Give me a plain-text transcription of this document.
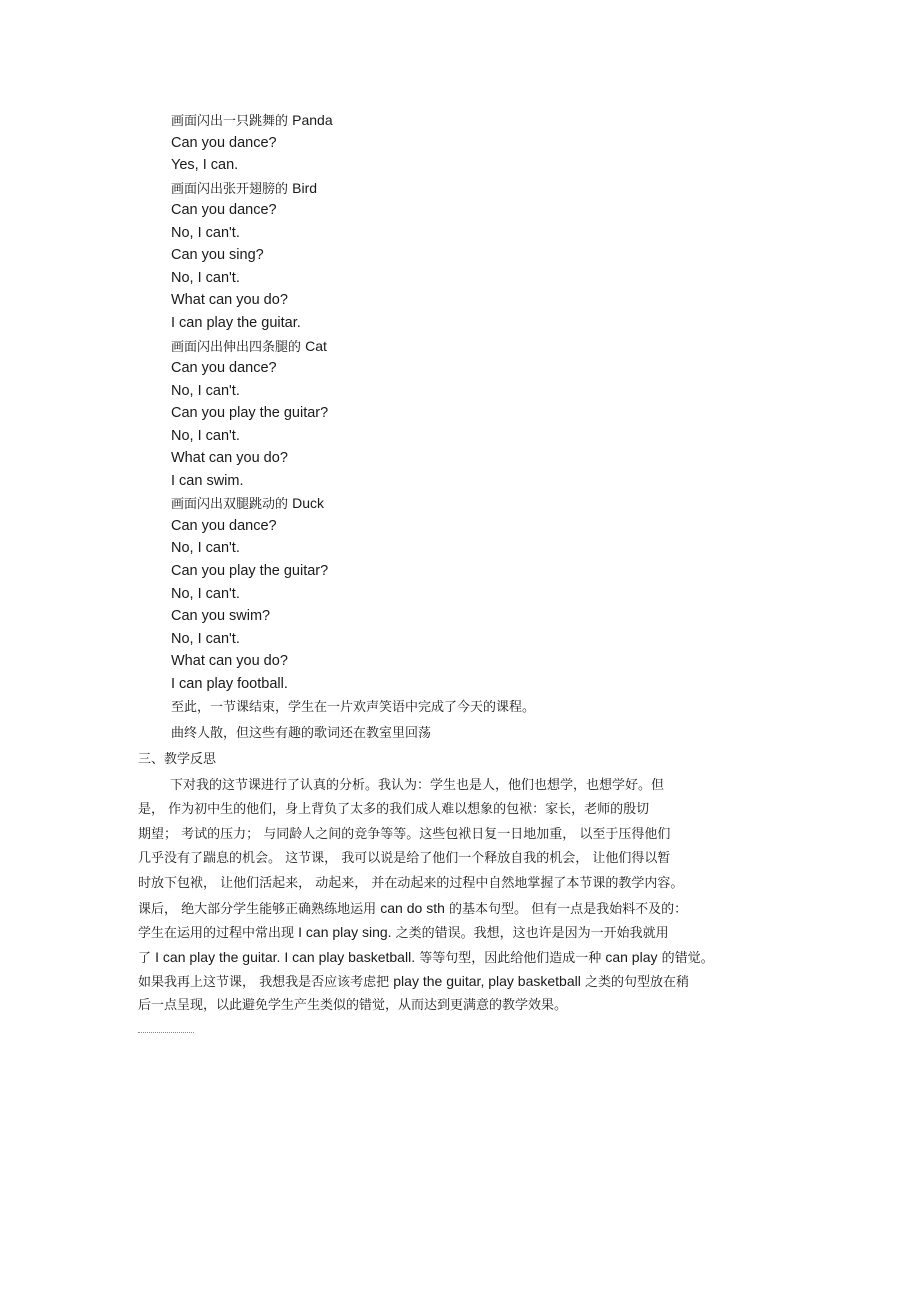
画面闪出一只跳舞的 Panda
Can you dance?
Yes, I can.
画面闪出张开翅膀的 Bird
Can you dance?
No, I can't.
Can you sing?
No, I can't.
What can you do?
I can play the guitar.
画面闪出伸出四条腿的 Cat
Can you dance?
No, I can't.
Can you play the guitar?
No, I can't.
What can you do?
I can swim.
画面闪出双腿跳动的 Duck
Can you dance?
No, I can't.
Can you play the guitar?
No, I can't.
Can you swim?
No, I can't.
What can you do?
I can play football.
至此，一节课结束，学生在一片欢声笑语中完成了今天的课程。
曲终人散，但这些有趣的歌词还在教室里回荡
三、教学反思
下对我的这节课进行了认真的分析。我认为：学生也是人，他们也想学，也想学好。但
是， 作为初中生的他们，身上背负了太多的我们成人难以想象的包袱：家长，老师的殷切
期望； 考试的压力； 与同龄人之间的竞争等等。这些包袱日复一日地加重， 以至于压得他们
几乎没有了踹息的机会。 这节课， 我可以说是给了他们一个释放自我的机会， 让他们得以暂
时放下包袱， 让他们活起来， 动起来， 并在动起来的过程中自然地掌握了本节课的教学内容。
课后， 绝大部分学生能够正确熟练地运用 can do sth 的基本句型。 但有一点是我始料不及的：
学生在运用的过程中常出现 I can play sing. 之类的错误。我想，这也许是因为一开始我就用
了 I can play the guitar. I can play basketball. 等等句型，因此给他们造成一种 can play 的错觉。
如果我再上这节课， 我想我是否应该考虑把 play the guitar, play basketball 之类的句型放在稍
后一点呈现，以此避免学生产生类似的错觉，从而达到更满意的教学效果。
